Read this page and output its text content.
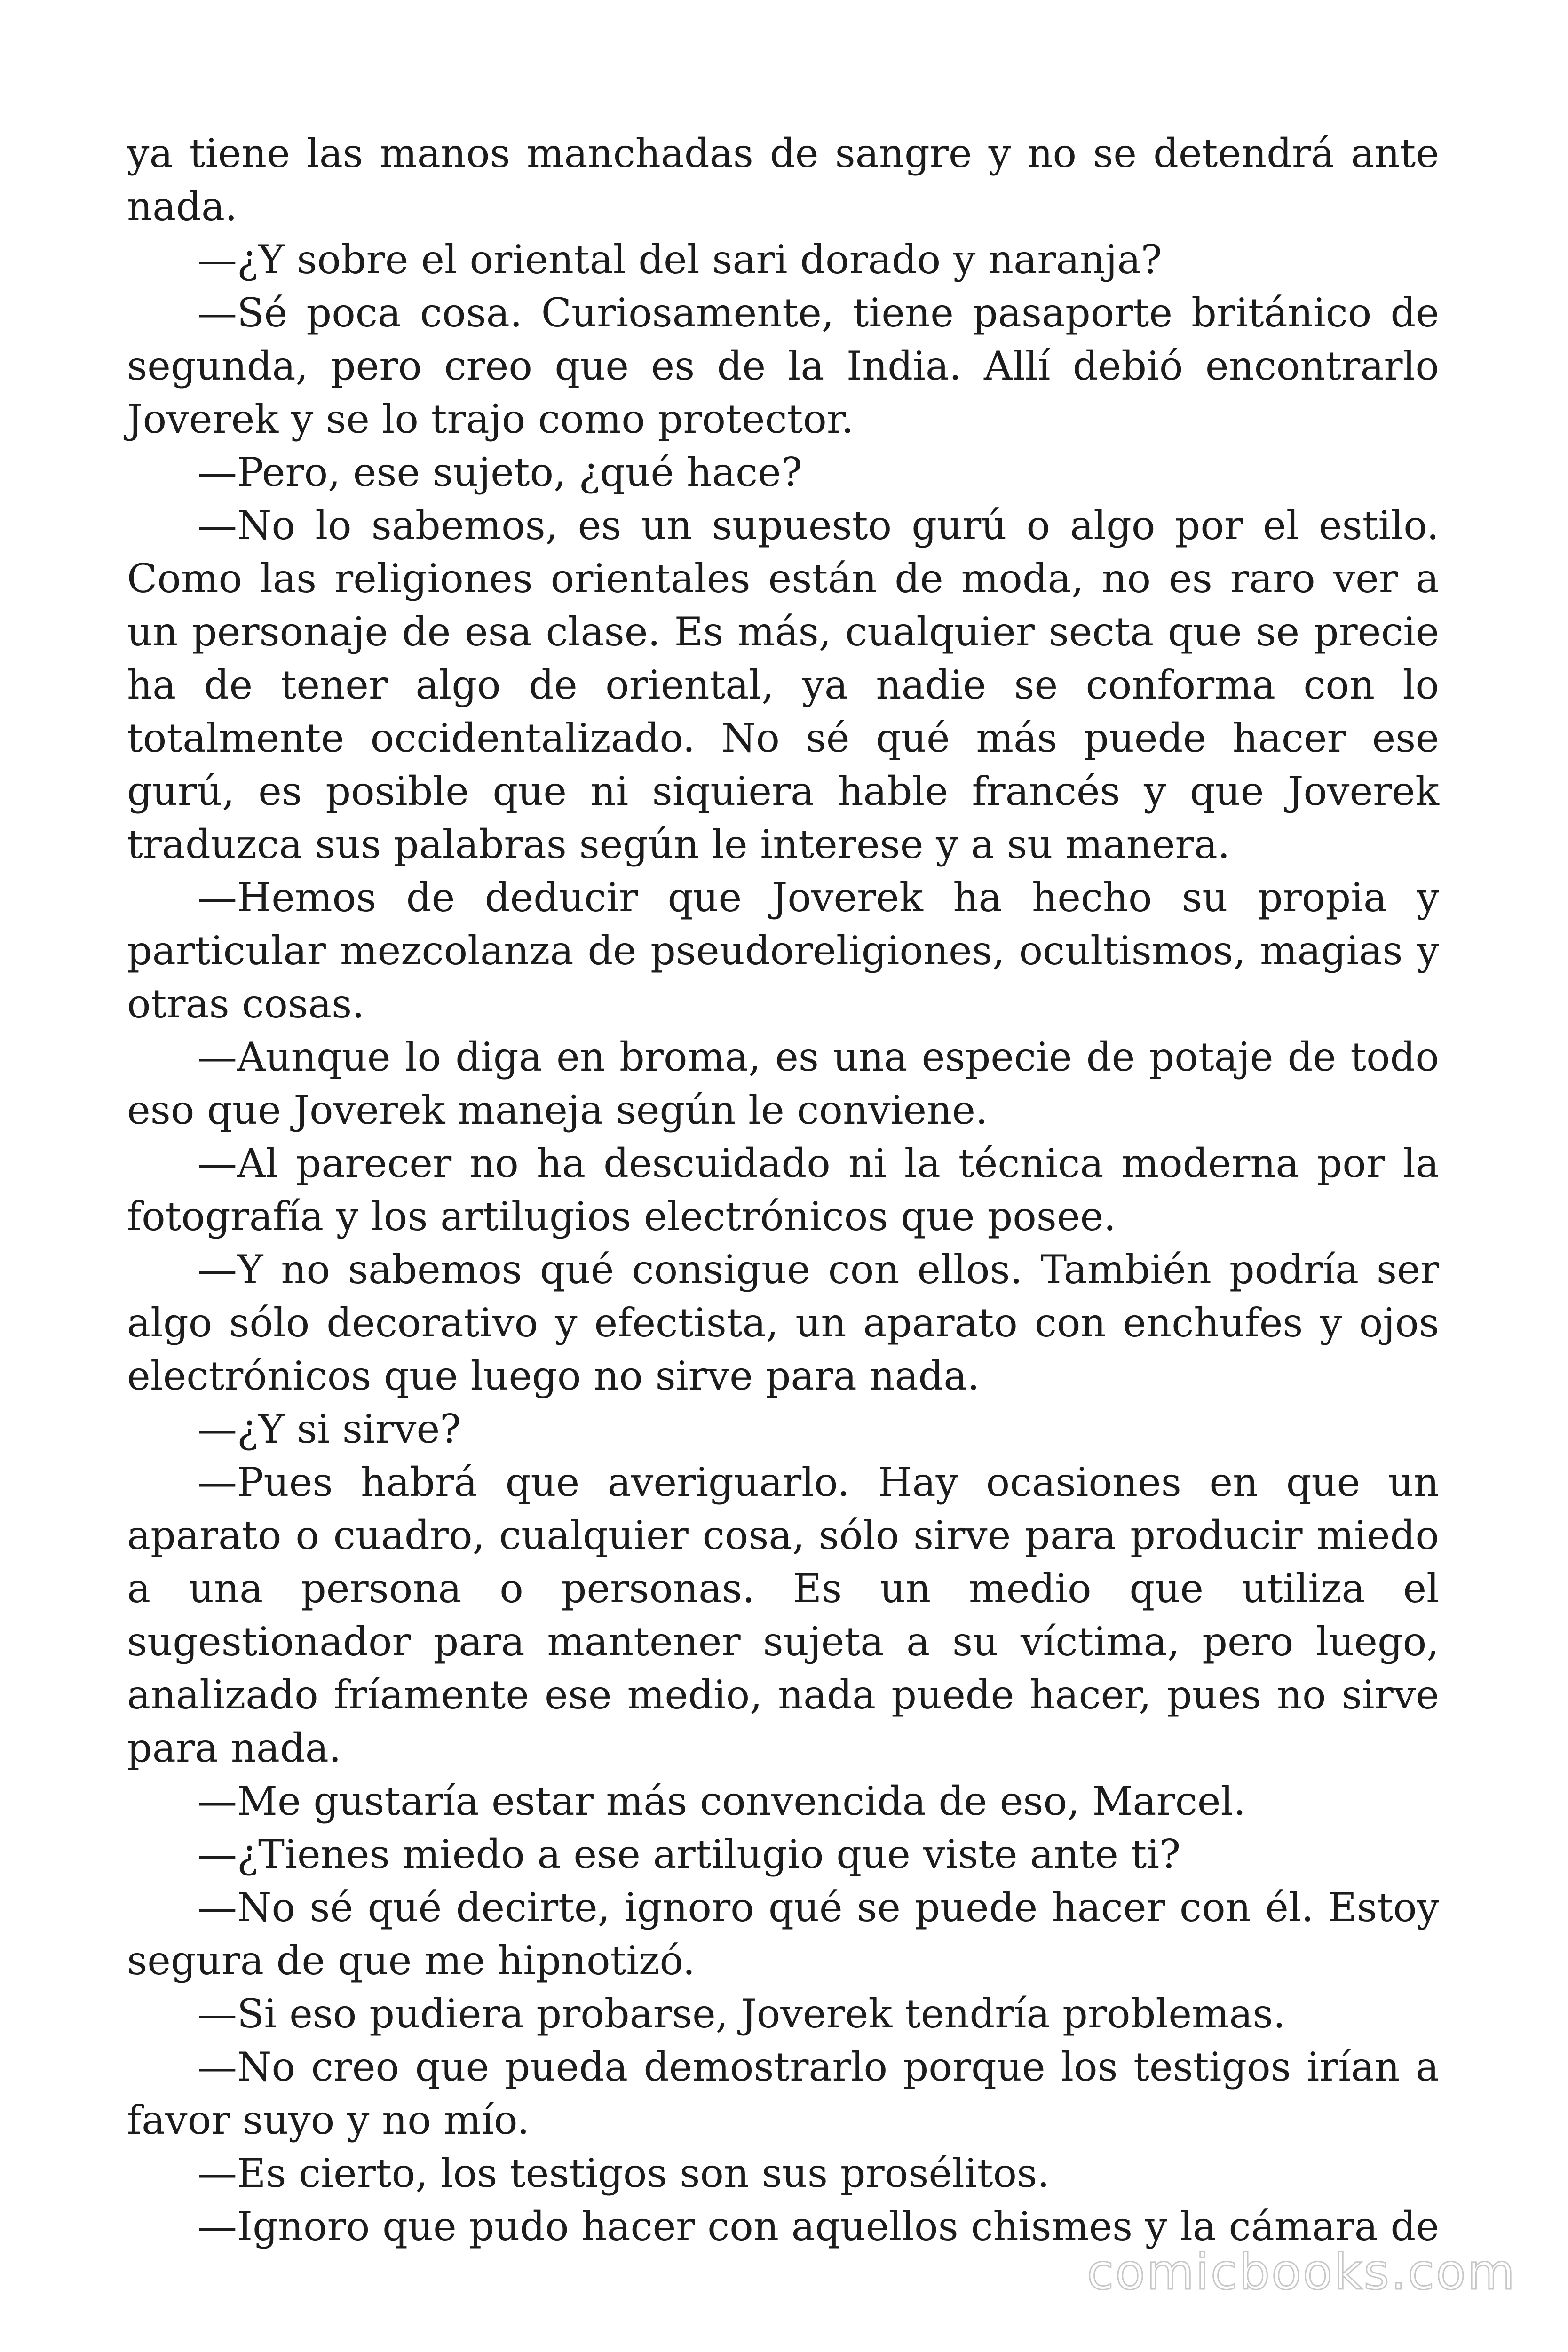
ya tiene las manos manchadas de sangre y no se detendrá ante nada.

—¿Y sobre el oriental del sari dorado y naranja?

—Sé poca cosa. Curiosamente, tiene pasaporte británico de segunda, pero creo que es de la India. Allí debió encontrarlo Joverek y se lo trajo como protector.

—Pero, ese sujeto, ¿qué hace?

—No lo sabemos, es un supuesto gurú o algo por el estilo. Como las religiones orientales están de moda, no es raro ver a un personaje de esa clase. Es más, cualquier secta que se precie ha de tener algo de oriental, ya nadie se conforma con lo totalmente occidentalizado. No sé qué más puede hacer ese gurú, es posible que ni siquiera hable francés y que Joverek traduzca sus palabras según le interese y a su manera.

—Hemos de deducir que Joverek ha hecho su propia y particular mezcolanza de pseudoreligiones, ocultismos, magias y otras cosas.

—Aunque lo diga en broma, es una especie de potaje de todo eso que Joverek maneja según le conviene.

—Al parecer no ha descuidado ni la técnica moderna por la fotografía y los artilugios electrónicos que posee.

—Y no sabemos qué consigue con ellos. También podría ser algo sólo decorativo y efectista, un aparato con enchufes y ojos electrónicos que luego no sirve para nada.

—¿Y si sirve?

—Pues habrá que averiguarlo. Hay ocasiones en que un aparato o cuadro, cualquier cosa, sólo sirve para producir miedo a una persona o personas. Es un medio que utiliza el sugestionador para mantener sujeta a su víctima, pero luego, analizado fríamente ese medio, nada puede hacer, pues no sirve para nada.

—Me gustaría estar más convencida de eso, Marcel.

—¿Tienes miedo a ese artilugio que viste ante ti?

—No sé qué decirte, ignoro qué se puede hacer con él. Estoy segura de que me hipnotizó.

—Si eso pudiera probarse, Joverek tendría problemas.

—No creo que pueda demostrarlo porque los testigos irían a favor suyo y no mío.

—Es cierto, los testigos son sus prosélitos.

—Ignoro que pudo hacer con aquellos chismes y la cámara de

comicbooks.com
